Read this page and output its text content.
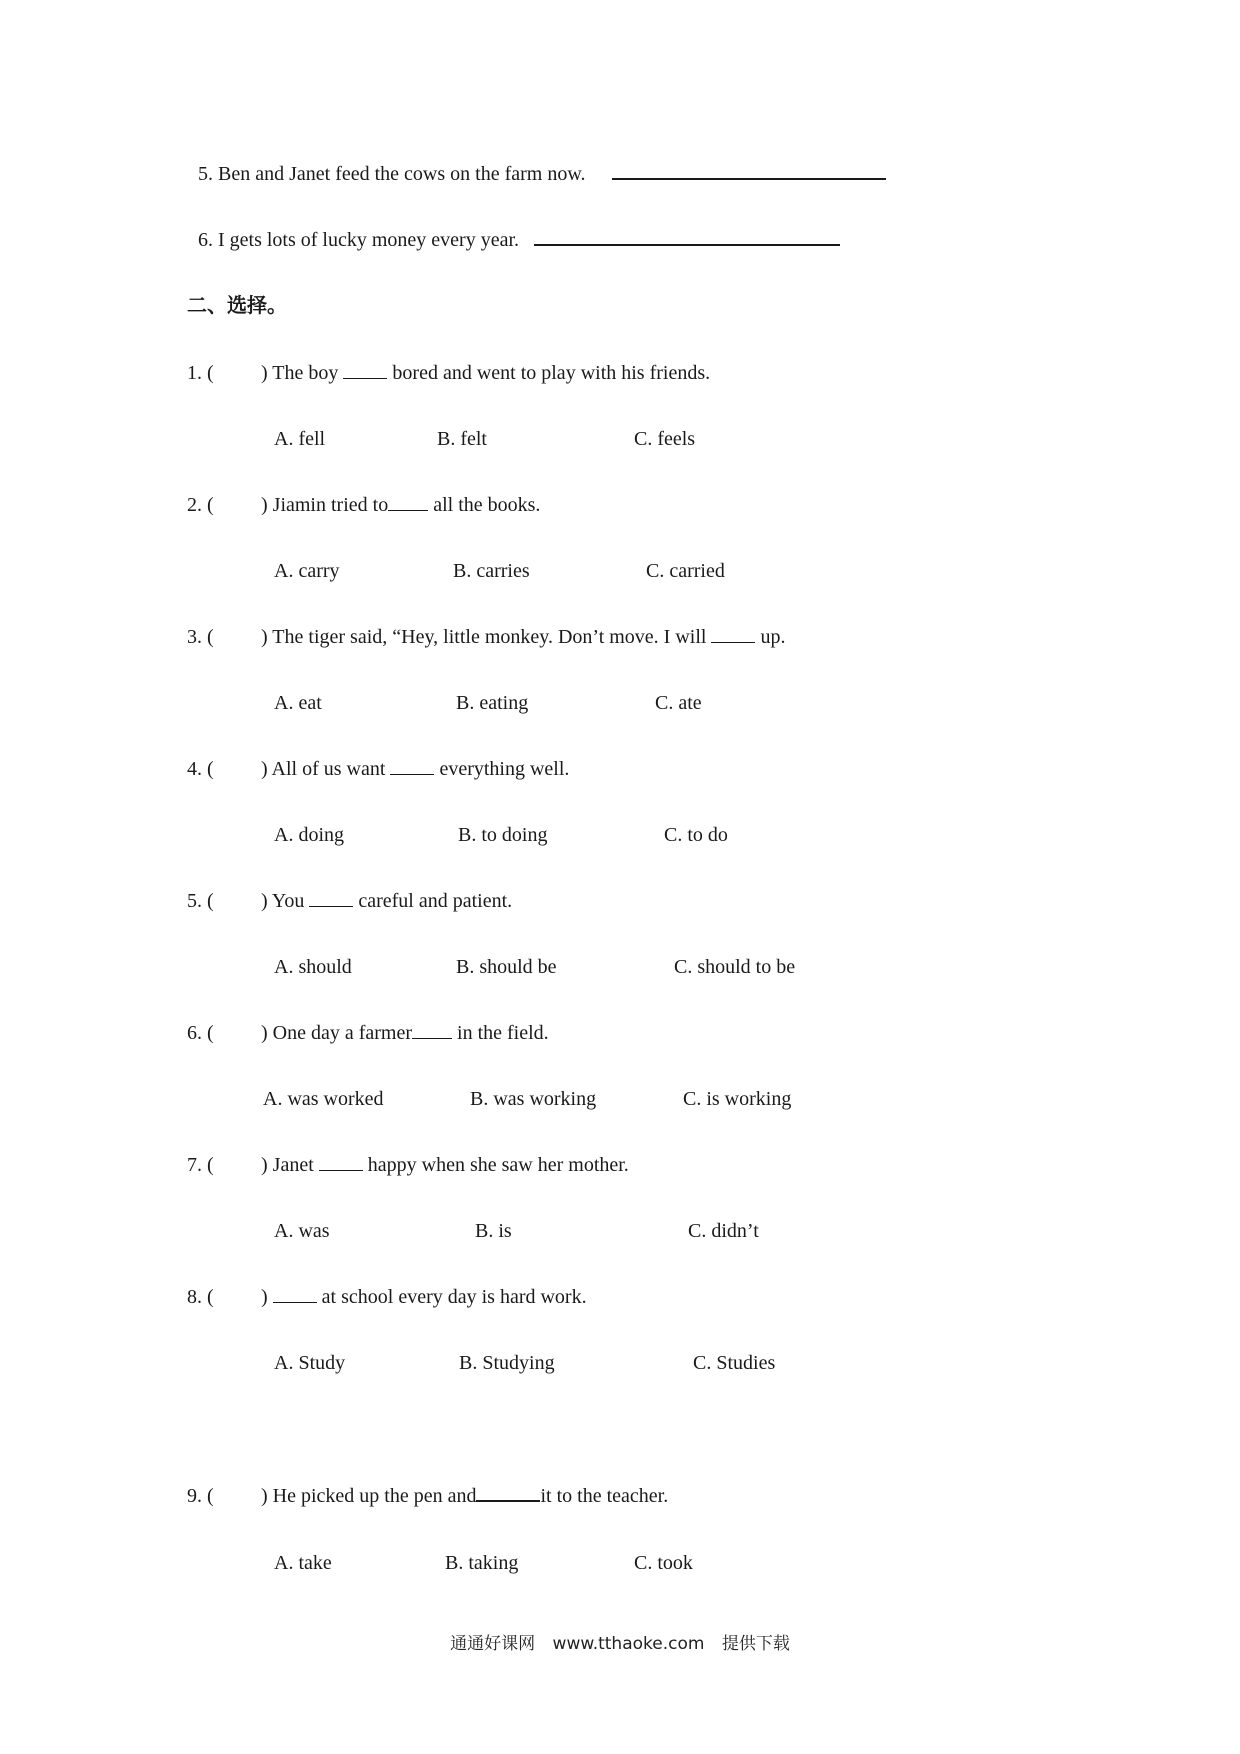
5. Ben and Janet feed the cows on the farm now.
6. I gets lots of lucky money every year.
二、选择。
1. ( ) The boy	bored and went to play with his friends.
A. fell	B. felt	C. feels
2. ( ) Jiamin tried to all the books.
A. carry	B. carries	C. carried
3. ( ) The tiger said, “Hey, little monkey. Don’t move. I will	up.
A. eat	B. eating	C. ate
4. ( ) All of us want	everything well.
A. doing	B. to doing	C. to do
5. ( ) You	careful and patient.
A. should	B. should be	C. should to be
6. ( ) One day a farmer in the field.
A. was worked	B. was working	C. is working
7. ( ) Janet	happy when she saw her mother.
A. was	B. is	C. didn’t
8. ( )	at school every day is hard work.
A. Study	B. Studying	C. Studies
9. ( ) He picked up the pen and	it to the teacher.
A. take	B. taking	C. took
通通好课网 www.tthaoke.com 提供下载
